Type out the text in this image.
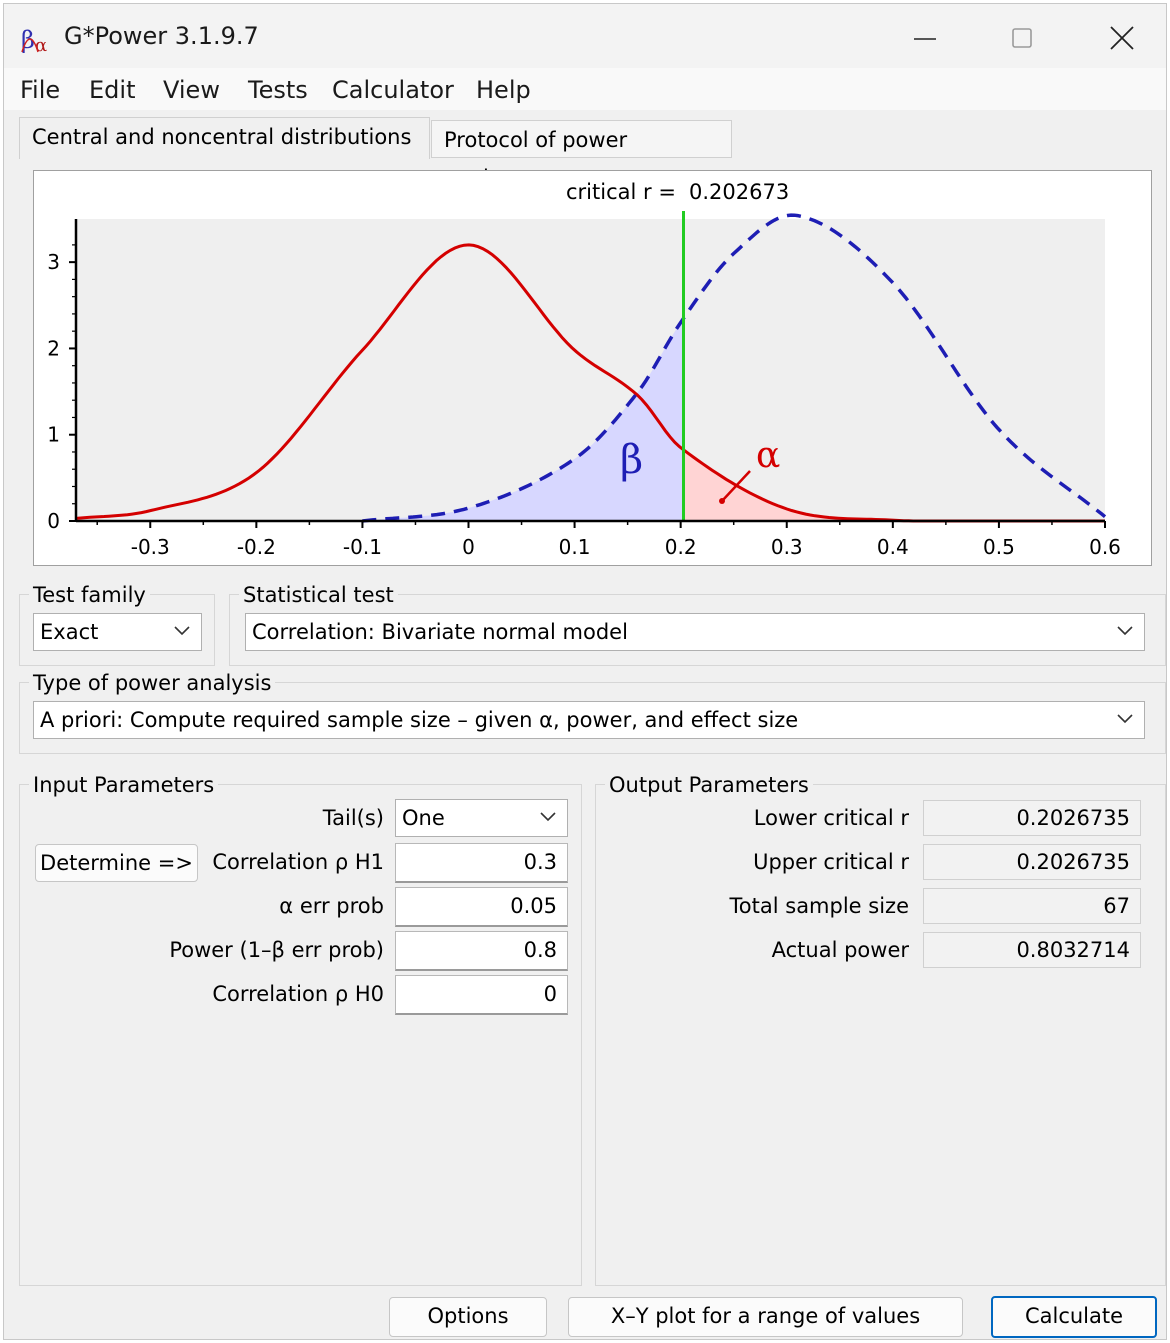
β α G*Power 3.1.9.7
File Edit View Tests Calculator Help
Central and noncentral distributions	Protocol of power
-0.3	-0.2	-0.1	0	0.1	0.2	0.3	0.4	0.5	0.6
0
1
2
3
critical r = 0.202673
β	α
Test family
Exact
Statistical test
Correlation: Bivariate normal model
Type of power analysis
A priori: Compute required sample size – given α, power, and effect size
Input Parameters
Tail(s) One
Determine => Correlation ρ H1	0.3
α err prob	0.05
Power (1–β err prob)	0.8
Correlation ρ H0	0
Output Parameters
Lower critical r	0.2026735
Upper critical r	0.2026735
Total sample size	67
Actual power	0.8032714
Options	X–Y plot for a range of values	Calculate
